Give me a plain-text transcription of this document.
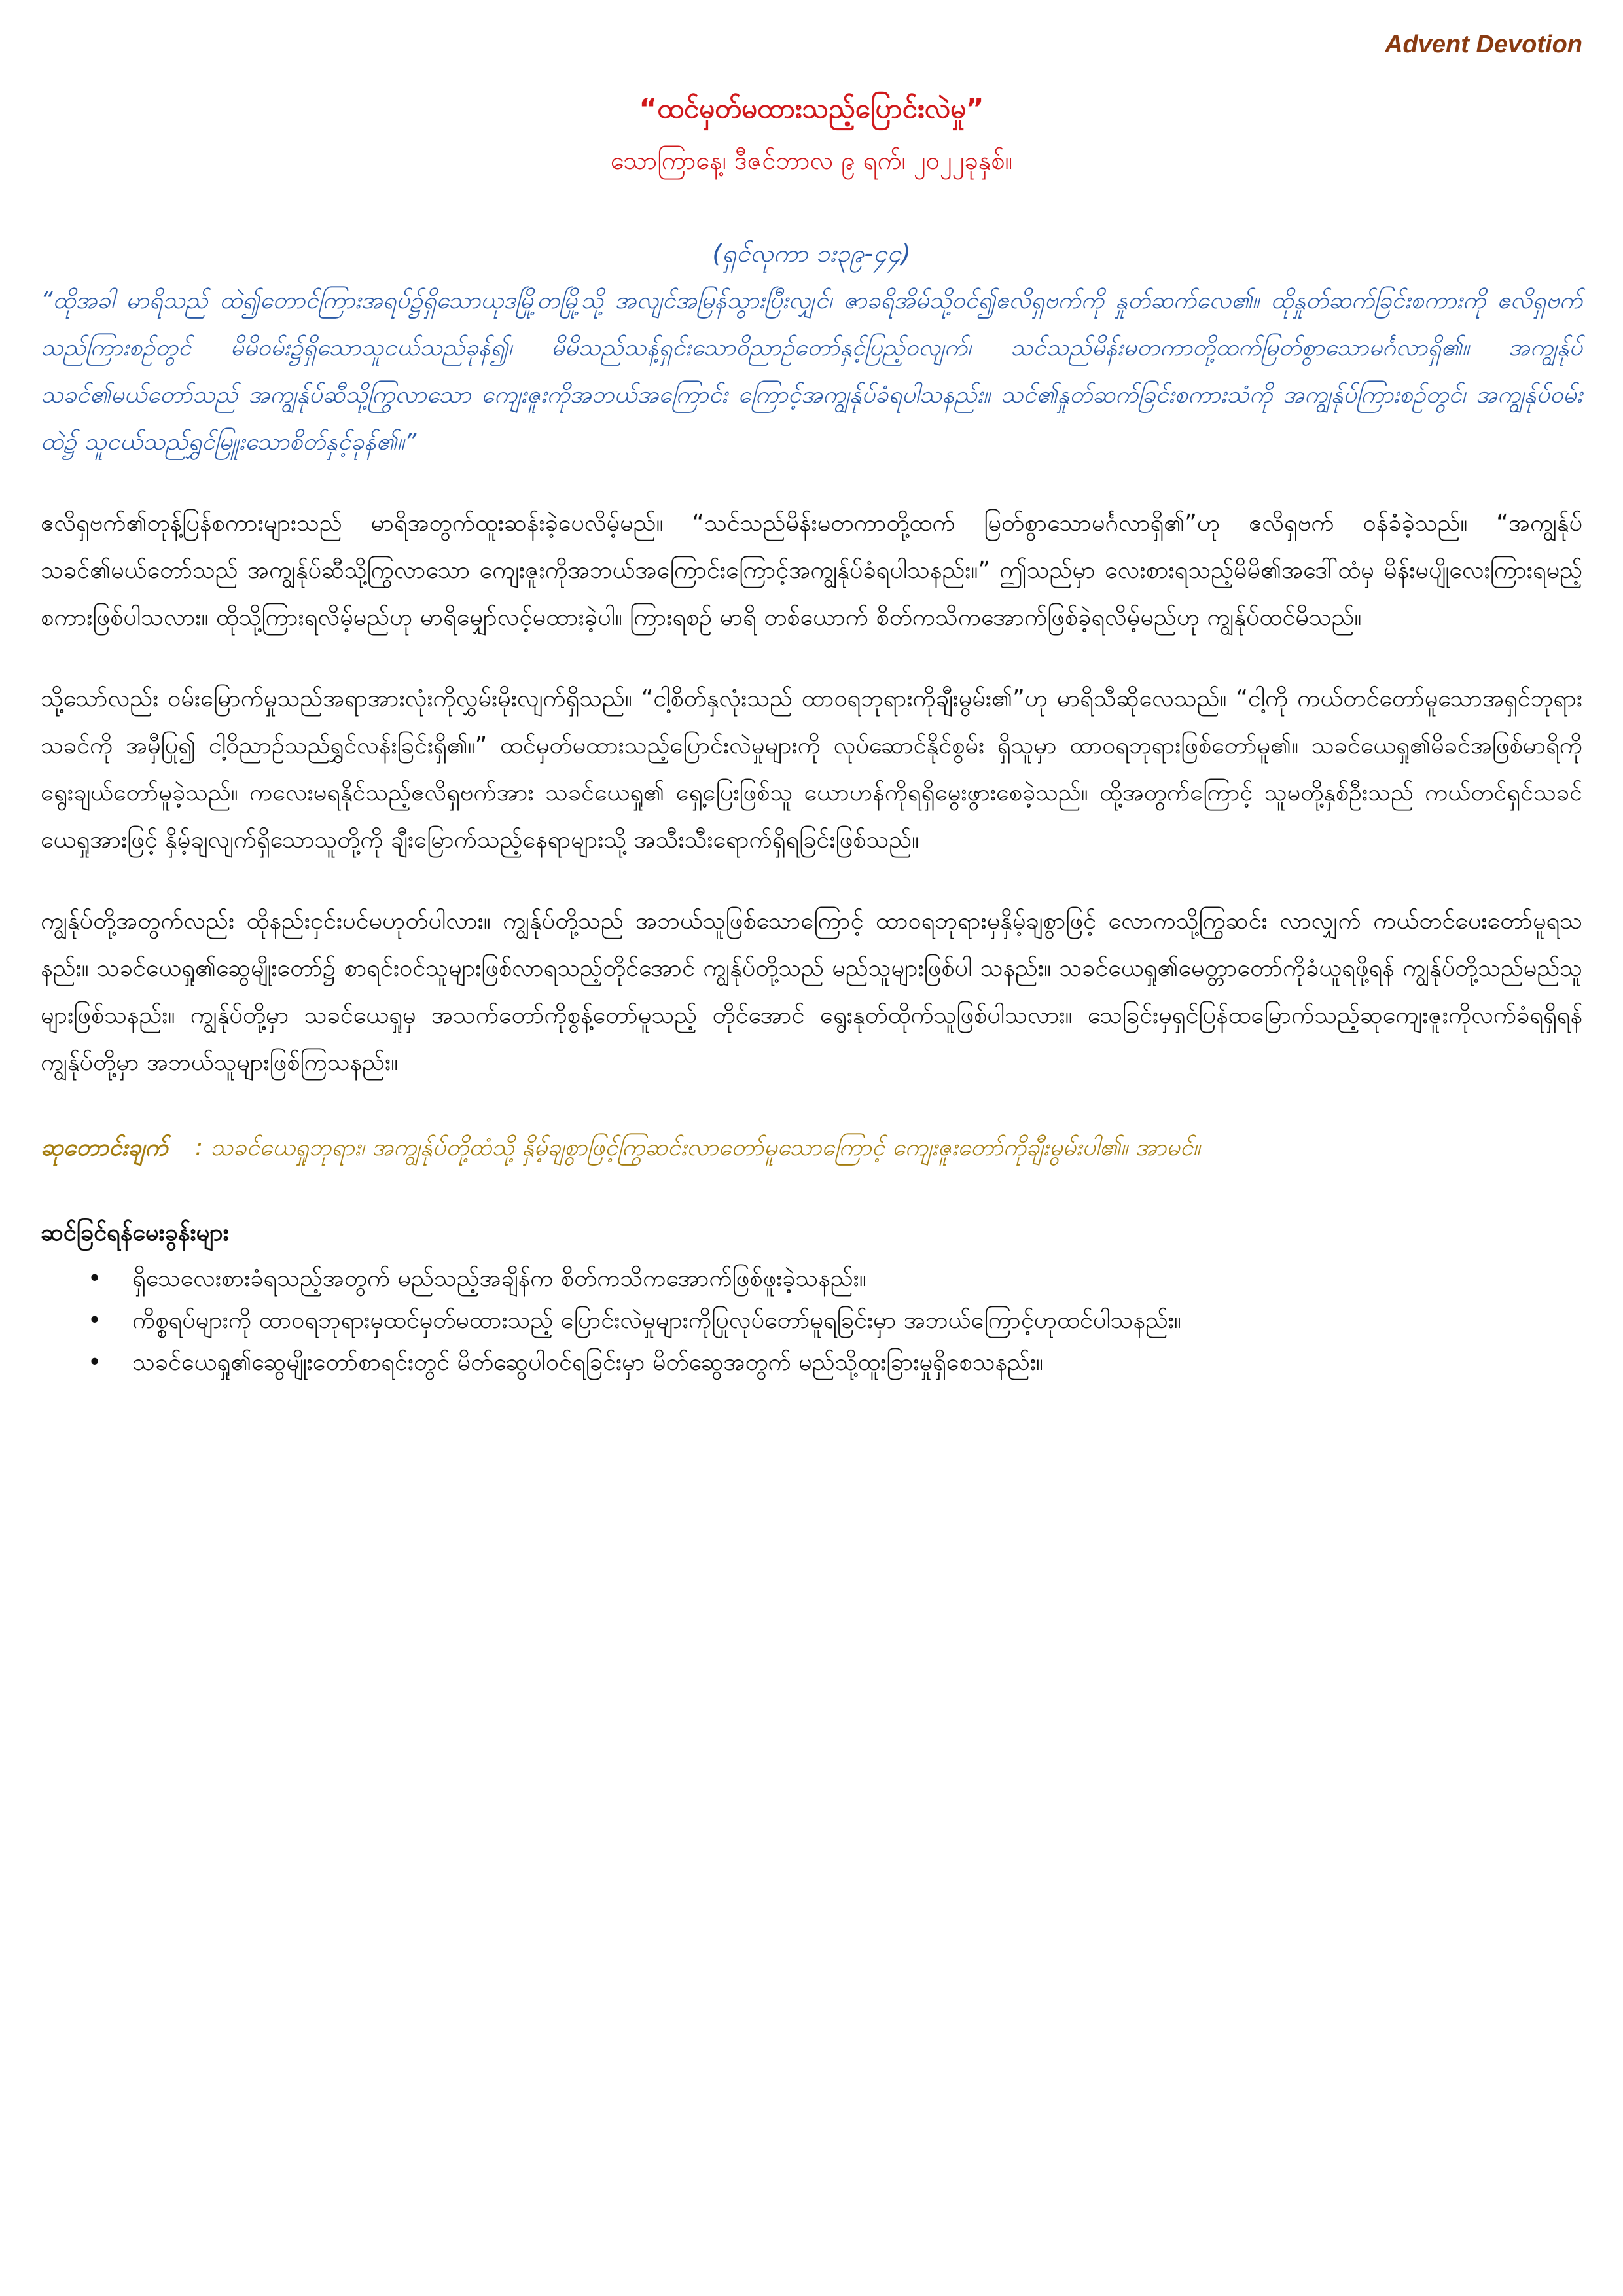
Advent Devotion

“ထင်မှတ်မထားသည့်ပြောင်းလဲမှု”

သောကြာနေ့၊ ဒီဇင်ဘာလ ၉ ရက်၊ ၂၀၂၂ခုနှစ်။

(ရှင်လုကာ ၁း၃၉-၄၄)

“ထိုအခါ မာရိသည် ထဲ၍တောင်ကြားအရပ်၌ရှိသောယုဒမြို့တမြို့သို့ အလျင်အမြန်သွားပြီးလျှင်၊ ဇာခရိအိမ်သို့ဝင်၍ဧလိရှဗက်ကို နှုတ်ဆက်လေ၏။ ထိုနှုတ်ဆက်ခြင်းစကားကို ဧလိရှဗက်သည်ကြားစဉ်တွင် မိမိဝမ်း၌ရှိသောသူငယ်သည်ခုန်၍၊ မိမိသည်သန့်ရှင်းသောဝိညာဉ်တော်နှင့်ပြည့်ဝလျက်၊ သင်သည်မိန်းမတကာတို့ထက်မြတ်စွာသောမင်္ဂလာရှိ၏။ အကျွန်ုပ်သခင်၏မယ်တော်သည် အကျွန်ုပ်ဆီသို့ကြွလာသော ကျေးဇူးကိုအဘယ်အကြောင်း ကြောင့်အကျွန်ုပ်ခံရပါသနည်း။ သင်၏နှုတ်ဆက်ခြင်းစကားသံကို အကျွန်ုပ်ကြားစဉ်တွင်၊ အကျွန်ုပ်ဝမ်းထဲ၌ သူငယ်သည်ရွှင်မြူးသောစိတ်နှင့်ခုန်၏။”

ဧလိရှဗက်၏တုန့်ပြန်စကားများသည် မာရိအတွက်ထူးဆန်းခဲ့ပေလိမ့်မည်။ “သင်သည်မိန်းမတကာတို့ထက် မြတ်စွာသောမင်္ဂလာရှိ၏”ဟု ဧလိရှဗက် ဝန်ခံခဲ့သည်။ “အကျွန်ုပ်သခင်၏မယ်တော်သည် အကျွန်ုပ်ဆီသို့ကြွလာသော ကျေးဇူးကိုအဘယ်အကြောင်းကြောင့်အကျွန်ုပ်ခံရပါသနည်း။” ဤသည်မှာ လေးစားရသည့်မိမိ၏အဒေါ်ထံမှ မိန်းမပျိုလေးကြားရမည့်စကားဖြစ်ပါသလား။ ထိုသို့ကြားရလိမ့်မည်ဟု မာရိမျှော်လင့်မထားခဲ့ပါ။ ကြားရစဉ် မာရိ တစ်ယောက် စိတ်ကသိကအောက်ဖြစ်ခဲ့ရလိမ့်မည်ဟု ကျွန်ုပ်ထင်မိသည်။

သို့သော်လည်း ဝမ်းမြောက်မှုသည်အရာအားလုံးကိုလွှမ်းမိုးလျက်ရှိသည်။ “ငါ့စိတ်နှလုံးသည် ထာဝရဘုရားကိုချီးမွမ်း၏”ဟု မာရိသီဆိုလေသည်။ “ငါ့ကို ကယ်တင်တော်မူသောအရှင်ဘုရားသခင်ကို အမှီပြု၍ ငါ့ဝိညာဉ်သည်ရွှင်လန်းခြင်းရှိ၏။” ထင်မှတ်မထားသည့်ပြောင်းလဲမှုများကို လုပ်ဆောင်နိုင်စွမ်း ရှိသူမှာ ထာဝရဘုရားဖြစ်တော်မူ၏။ သခင်ယေရှု၏မိခင်အဖြစ်မာရိကိုရွေးချယ်တော်မူခဲ့သည်။ ကလေးမရနိုင်သည့်ဧလိရှဗက်အား သခင်ယေရှု၏ ရှေ့ပြေးဖြစ်သူ ယောဟန်ကိုရရှိမွေးဖွားစေခဲ့သည်။ ထို့အတွက်ကြောင့် သူမတို့နှစ်ဦးသည် ကယ်တင်ရှင်သခင်ယေရှုအားဖြင့် နှိမ့်ချလျက်ရှိသောသူတို့ကို ချီးမြောက်သည့်နေရာများသို့ အသီးသီးရောက်ရှိရခြင်းဖြစ်သည်။

ကျွန်ုပ်တို့အတွက်လည်း ထိုနည်းငှင်းပင်မဟုတ်ပါလား။ ကျွန်ုပ်တို့သည် အဘယ်သူဖြစ်သောကြောင့် ထာဝရဘုရားမှနှိမ့်ချစွာဖြင့် လောကသို့ကြွဆင်း လာလျှက် ကယ်တင်ပေးတော်မူရသနည်း။ သခင်ယေရှု၏ဆွေမျိုးတော်၌ စာရင်းဝင်သူများဖြစ်လာရသည့်တိုင်အောင် ကျွန်ုပ်တို့သည် မည်သူများဖြစ်ပါ သနည်း။ သခင်ယေရှု၏မေတ္တာတော်ကိုခံယူရဖို့ရန် ကျွန်ုပ်တို့သည်မည်သူများဖြစ်သနည်း။ ကျွန်ုပ်တို့မှာ သခင်ယေရှုမှ အသက်တော်ကိုစွန့်တော်မူသည့် တိုင်အောင် ရွေးနုတ်ထိုက်သူဖြစ်ပါသလား။ သေခြင်းမှရှင်ပြန်ထမြောက်သည့်ဆုကျေးဇူးကိုလက်ခံရရှိရန် ကျွန်ုပ်တို့မှာ အဘယ်သူများဖြစ်ကြသနည်း။

ဆုတောင်းချက် : သခင်ယေရှုဘုရား၊ အကျွန်ုပ်တို့ထံသို့ နှိမ့်ချစွာဖြင့်ကြွဆင်းလာတော်မူသောကြောင့် ကျေးဇူးတော်ကိုချီးမွမ်းပါ၏။ အာမင်။

ဆင်ခြင်ရန်မေးခွန်းများ

• ရှိသေလေးစားခံရသည့်အတွက် မည်သည့်အချိန်က စိတ်ကသိကအောက်ဖြစ်ဖူးခဲ့သနည်း။
• ကိစ္စရပ်များကို ထာဝရဘုရားမှထင်မှတ်မထားသည့် ပြောင်းလဲမှုများကိုပြုလုပ်တော်မူရခြင်းမှာ အဘယ်ကြောင့်ဟုထင်ပါသနည်း။
• သခင်ယေရှု၏ဆွေမျိုးတော်စာရင်းတွင် မိတ်ဆွေပါဝင်ရခြင်းမှာ မိတ်ဆွေအတွက် မည်သို့ထူးခြားမှုရှိစေသနည်း။
